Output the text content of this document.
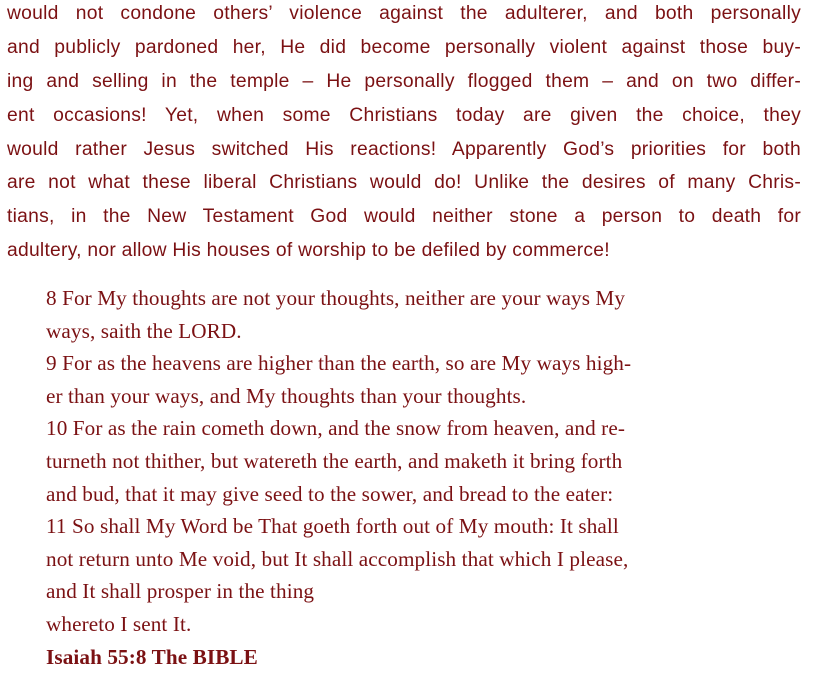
would not condone others’ violence against the adulterer, and both personally
and publicly pardoned her, He did become personally violent against those buy-
ing and selling in the temple – He personally flogged them – and on two differ-
ent occasions! Yet, when some Christians today are given the choice, they
would rather Jesus switched His reactions! Apparently God’s priorities for both
are not what these liberal Christians would do! Unlike the desires of many Chris-
tians, in the New Testament God would neither stone a person to death for
adultery, nor allow His houses of worship to be defiled by commerce!
8 For My thoughts are not your thoughts, neither are your ways My
ways, saith the LORD.
9 For as the heavens are higher than the earth, so are My ways high-
er than your ways, and My thoughts than your thoughts.
10 For as the rain cometh down, and the snow from heaven, and re-
turneth not thither, but watereth the earth, and maketh it bring forth
and bud, that it may give seed to the sower, and bread to the eater:
11 So shall My Word be That goeth forth out of My mouth: It shall
not return unto Me void, but It shall accomplish that which I please,
and It shall prosper in the thing
whereto I sent It.
Isaiah 55:8 The BIBLE
